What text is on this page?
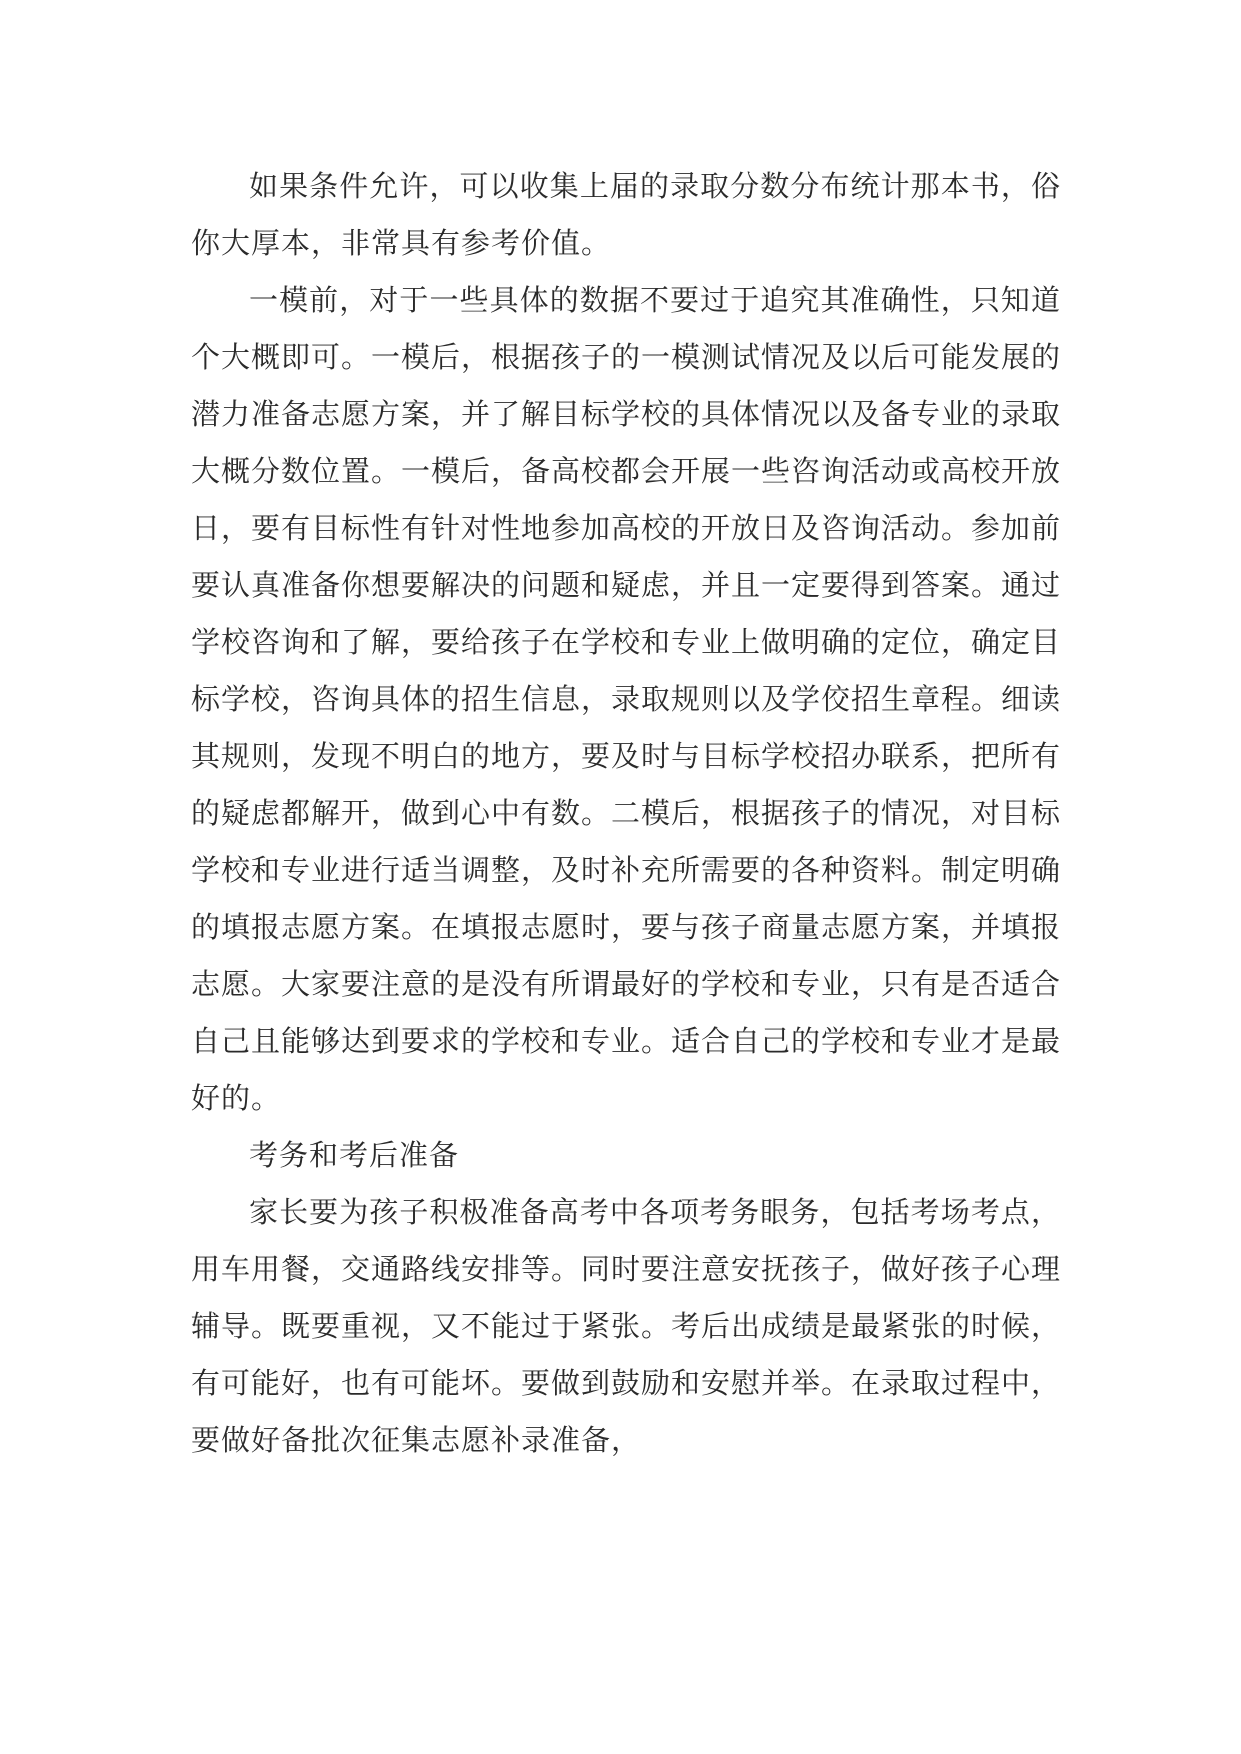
如果条件允许，可以收集上届的录取分数分布统计那本书，俗你大厚本，非常具有参考价值。

一模前，对于一些具体的数据不要过于追究其准确性，只知道个大概即可。一模后，根据孩子的一模测试情况及以后可能发展的潜力准备志愿方案，并了解目标学校的具体情况以及备专业的录取大概分数位置。一模后，备高校都会开展一些咨询活动或高校开放日，要有目标性有针对性地参加高校的开放日及咨询活动。参加前要认真准备你想要解决的问题和疑虑，并且一定要得到答案。通过学校咨询和了解，要给孩子在学校和专业上做明确的定位，确定目标学校，咨询具体的招生信息，录取规则以及学佼招生章程。细读其规则，发现不明白的地方，要及时与目标学校招办联系，把所有的疑虑都解开，做到心中有数。二模后，根据孩子的情况，对目标学校和专业进行适当调整，及时补充所需要的各种资料。制定明确的填报志愿方案。在填报志愿时，要与孩子商量志愿方案，并填报志愿。大家要注意的是没有所谓最好的学校和专业，只有是否适合自己且能够达到要求的学校和专业。适合自己的学校和专业才是最好的。

考务和考后准备

家长要为孩子积极准备高考中各项考务眼务，包括考场考点，用车用餐，交通路线安排等。同时要注意安抚孩子，做好孩子心理辅导。既要重视，又不能过于紧张。考后出成绩是最紧张的时候，有可能好，也有可能坏。要做到鼓励和安慰并举。在录取过程中，要做好备批次征集志愿补录准备，
